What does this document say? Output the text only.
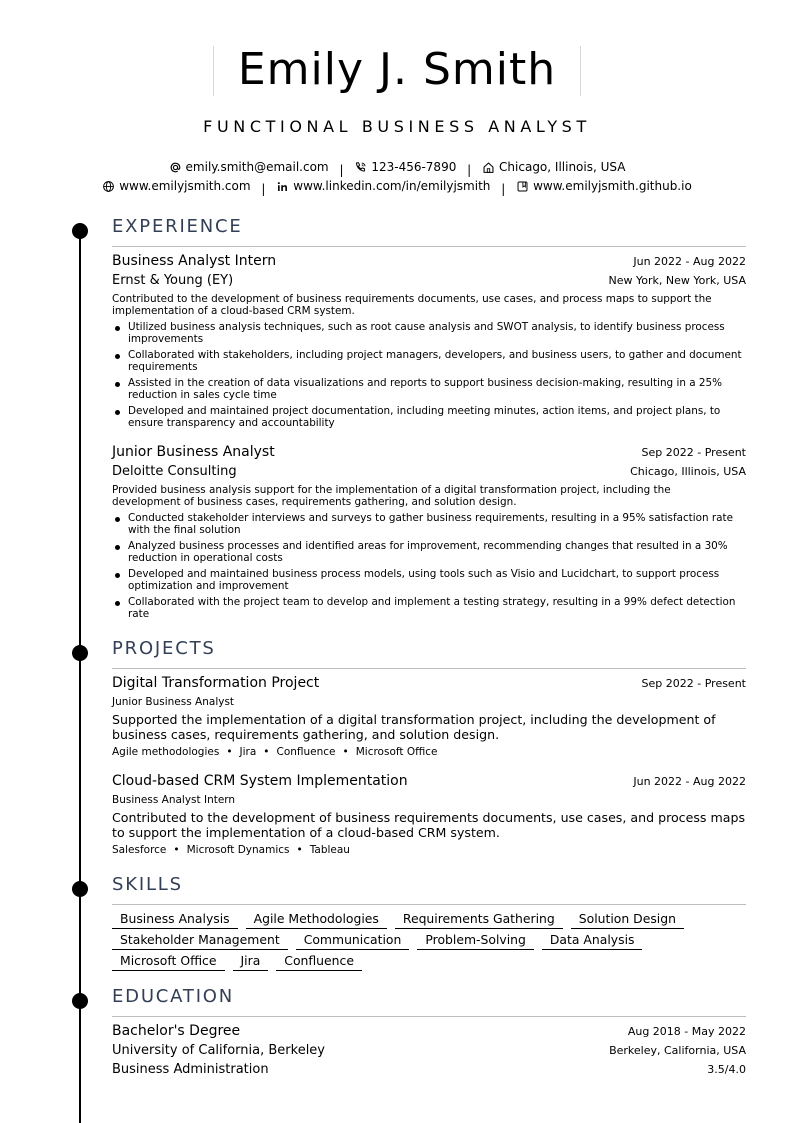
Emily J. Smith
FUNCTIONAL BUSINESS ANALYST
emily.smith@email.com | 123-456-7890 | Chicago, Illinois, USA
www.emilyjsmith.com | www.linkedin.com/in/emilyjsmith | www.emilyjsmith.github.io
EXPERIENCE
Business Analyst Intern	Jun 2022 - Aug 2022
Ernst & Young (EY)	New York, New York, USA
Contributed to the development of business requirements documents, use cases, and process maps to support the implementation of a cloud-based CRM system.
Utilized business analysis techniques, such as root cause analysis and SWOT analysis, to identify business process improvements
Collaborated with stakeholders, including project managers, developers, and business users, to gather and document requirements
Assisted in the creation of data visualizations and reports to support business decision-making, resulting in a 25% reduction in sales cycle time
Developed and maintained project documentation, including meeting minutes, action items, and project plans, to ensure transparency and accountability
Junior Business Analyst	Sep 2022 - Present
Deloitte Consulting	Chicago, Illinois, USA
Provided business analysis support for the implementation of a digital transformation project, including the development of business cases, requirements gathering, and solution design.
Conducted stakeholder interviews and surveys to gather business requirements, resulting in a 95% satisfaction rate with the final solution
Analyzed business processes and identified areas for improvement, recommending changes that resulted in a 30% reduction in operational costs
Developed and maintained business process models, using tools such as Visio and Lucidchart, to support process optimization and improvement
Collaborated with the project team to develop and implement a testing strategy, resulting in a 99% defect detection rate
PROJECTS
Digital Transformation Project	Sep 2022 - Present
Junior Business Analyst
Supported the implementation of a digital transformation project, including the development of business cases, requirements gathering, and solution design.
Agile methodologies • Jira • Confluence • Microsoft Office
Cloud-based CRM System Implementation	Jun 2022 - Aug 2022
Business Analyst Intern
Contributed to the development of business requirements documents, use cases, and process maps to support the implementation of a cloud-based CRM system.
Salesforce • Microsoft Dynamics • Tableau
SKILLS
Business Analysis	Agile Methodologies	Requirements Gathering	Solution Design
Stakeholder Management	Communication	Problem-Solving	Data Analysis
Microsoft Office	Jira	Confluence
EDUCATION
Bachelor's Degree	Aug 2018 - May 2022
University of California, Berkeley	Berkeley, California, USA
Business Administration	3.5/4.0
